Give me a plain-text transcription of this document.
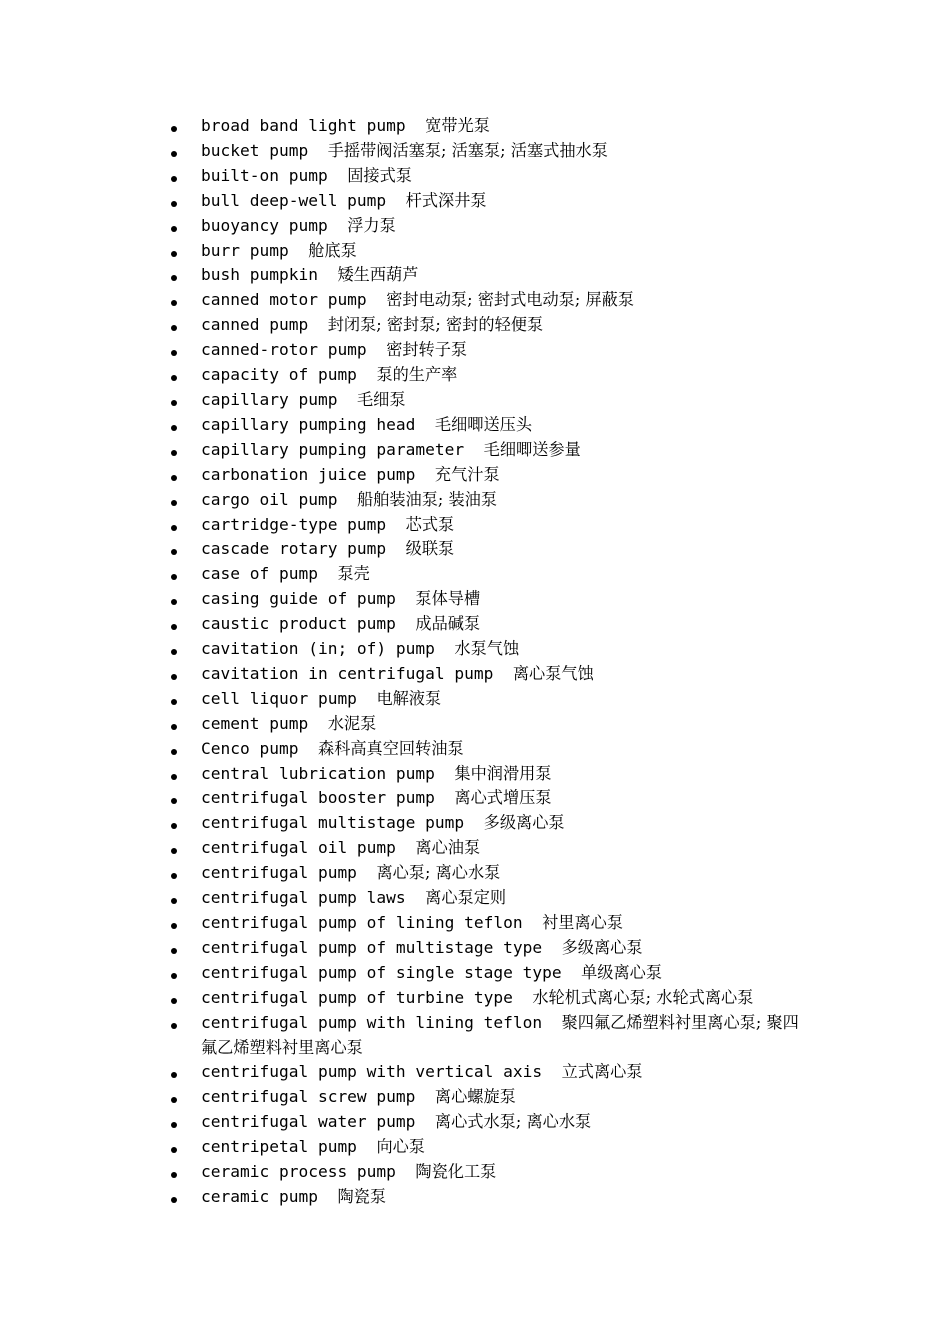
broad band light pump 宽带光泵
bucket pump 手摇带阀活塞泵; 活塞泵; 活塞式抽水泵
built-on pump 固接式泵
bull deep-well pump 杆式深井泵
buoyancy pump 浮力泵
burr pump 舱底泵
bush pumpkin 矮生西葫芦
canned motor pump 密封电动泵; 密封式电动泵; 屏蔽泵
canned pump 封闭泵; 密封泵; 密封的轻便泵
canned-rotor pump 密封转子泵
capacity of pump 泵的生产率
capillary pump 毛细泵
capillary pumping head 毛细唧送压头
capillary pumping parameter 毛细唧送参量
carbonation juice pump 充气汁泵
cargo oil pump 船舶装油泵; 装油泵
cartridge-type pump 芯式泵
cascade rotary pump 级联泵
case of pump 泵壳
casing guide of pump 泵体导槽
caustic product pump 成品碱泵
cavitation (in; of) pump 水泵气蚀
cavitation in centrifugal pump 离心泵气蚀
cell liquor pump 电解液泵
cement pump 水泥泵
Cenco pump 森科高真空回转油泵
central lubrication pump 集中润滑用泵
centrifugal booster pump 离心式增压泵
centrifugal multistage pump 多级离心泵
centrifugal oil pump 离心油泵
centrifugal pump 离心泵; 离心水泵
centrifugal pump laws 离心泵定则
centrifugal pump of lining teflon 衬里离心泵
centrifugal pump of multistage type 多级离心泵
centrifugal pump of single stage type 单级离心泵
centrifugal pump of turbine type 水轮机式离心泵; 水轮式离心泵
centrifugal pump with lining teflon 聚四氟乙烯塑料衬里离心泵; 聚四氟乙烯塑料衬里离心泵
centrifugal pump with vertical axis 立式离心泵
centrifugal screw pump 离心螺旋泵
centrifugal water pump 离心式水泵; 离心水泵
centripetal pump 向心泵
ceramic process pump 陶瓷化工泵
ceramic pump 陶瓷泵
